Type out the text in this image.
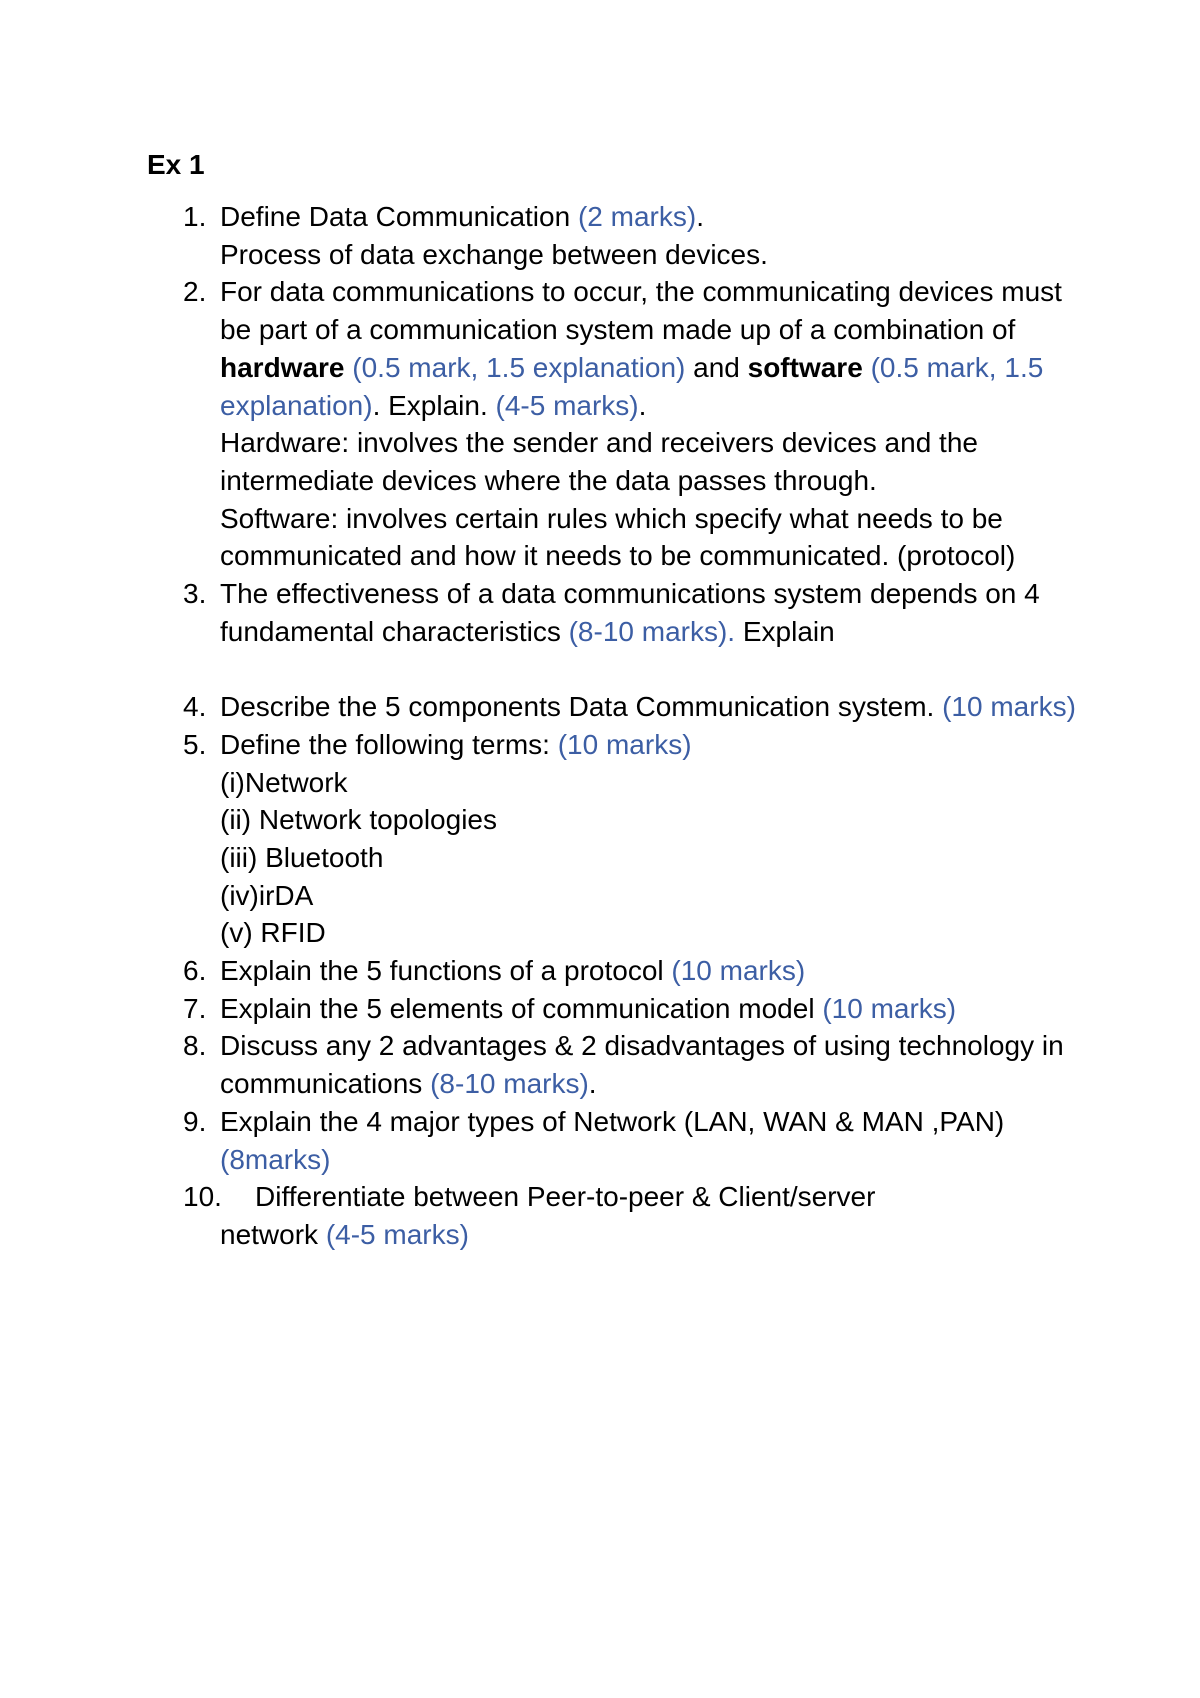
Ex 1
1. Define Data Communication (2 marks).
Process of data exchange between devices.
2. For data communications to occur, the communicating devices must be part of a communication system made up of a combination of hardware (0.5 mark, 1.5 explanation) and software (0.5 mark, 1.5 explanation). Explain. (4-5 marks).
Hardware: involves the sender and receivers devices and the intermediate devices where the data passes through.
Software: involves certain rules which specify what needs to be communicated and how it needs to be communicated. (protocol)
3. The effectiveness of a data communications system depends on 4 fundamental characteristics (8-10 marks). Explain
4. Describe the 5 components Data Communication system. (10 marks)
5. Define the following terms: (10 marks)
(i)Network
(ii) Network topologies
(iii) Bluetooth
(iv)irDA
(v) RFID
6. Explain the 5 functions of a protocol (10 marks)
7. Explain the 5 elements of communication model (10 marks)
8. Discuss any 2 advantages & 2 disadvantages of using technology in communications (8-10 marks).
9. Explain the 4 major types of Network (LAN, WAN & MAN ,PAN) (8marks)
10.	Differentiate between Peer-to-peer & Client/server
network (4-5 marks)
